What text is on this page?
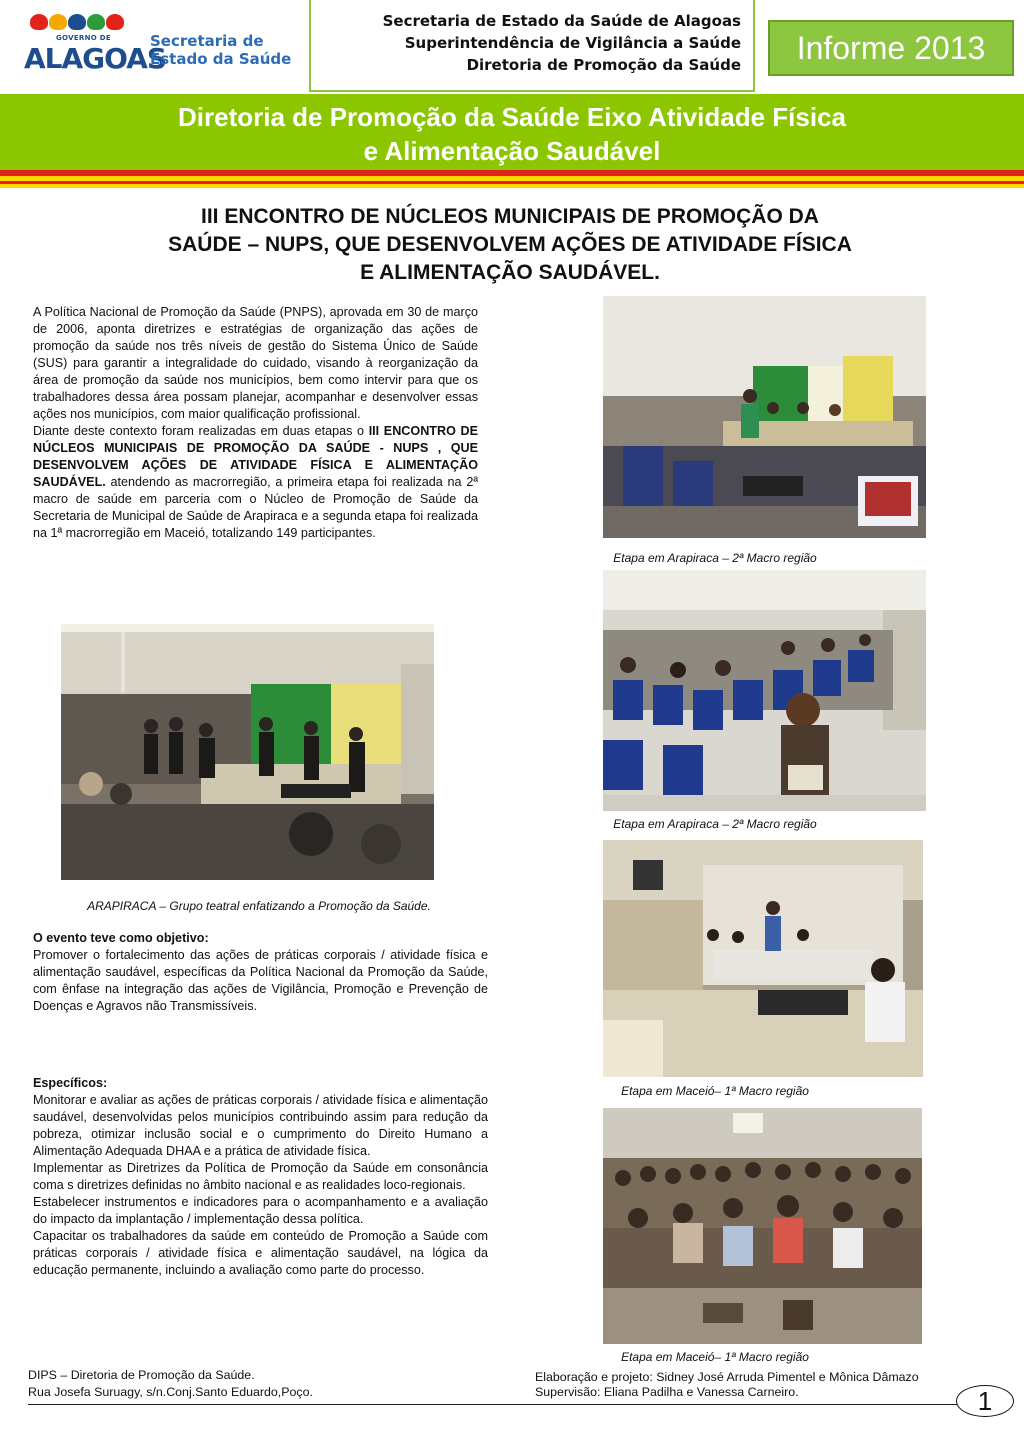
GOVERNO DE
ALAGOAS
Secretaria de
Estado da Saúde
Secretaria de Estado da Saúde de Alagoas
Superintendência de Vigilância a Saúde
Diretoria de Promoção da Saúde	Informe 2013
Diretoria de Promoção da Saúde Eixo Atividade Física
e Alimentação Saudável
III ENCONTRO DE NÚCLEOS MUNICIPAIS DE PROMOÇÃO DA
SAÚDE – NUPS, QUE DESENVOLVEM AÇÕES DE ATIVIDADE FÍSICA
E ALIMENTAÇÃO SAUDÁVEL.

A Política Nacional de Promoção da Saúde (PNPS), aprovada em 30 de março de 2006, aponta diretrizes e estratégias de organização das ações de promoção da saúde nos três níveis de gestão do Sistema Único de Saúde (SUS) para garantir a integralidade do cuidado, visando à reorganização da área de promoção da saúde nos municípios, bem como intervir para que os trabalhadores dessa área possam planejar, acompanhar e desenvolver essas ações nos municípios, com maior qualificação profissional.

Diante deste contexto foram realizadas em duas etapas o III ENCONTRO DE NÚCLEOS MUNICIPAIS DE PROMOÇÃO DA SAÚDE - NUPS , QUE DESENVOLVEM AÇÕES DE ATIVIDADE FÍSICA E ALIMENTAÇÃO SAUDÁVEL. atendendo as macrorregião, a primeira etapa foi realizada na 2ª macro de saúde em parceria com o Núcleo de Promoção de Saúde da Secretaria de Municipal de Saúde de Arapiraca e a segunda etapa foi realizada na 1ª macrorregião em Maceió, totalizando 149 participantes.

ARAPIRACA – Grupo teatral enfatizando a Promoção da Saúde.
Etapa em Arapiraca – 2ª Macro região
Etapa em Arapiraca – 2ª Macro região
Etapa em Maceió– 1ª Macro região
Etapa em Maceió– 1ª Macro região

O evento teve como objetivo:

Promover o fortalecimento das ações de práticas corporais / atividade física e alimentação saudável, específicas da Política Nacional da Promoção da Saúde, com ênfase na integração das ações de Vigilância, Promoção e Prevenção de Doenças e Agravos não Transmissíveis.

Específicos:

Monitorar e avaliar as ações de práticas corporais / atividade física e alimentação saudável, desenvolvidas pelos municípios contribuindo assim para redução da pobreza, otimizar inclusão social e o cumprimento do Direito Humano a Alimentação Adequada DHAA e a prática de atividade física.

Implementar as Diretrizes da Política de Promoção da Saúde em consonância coma s diretrizes definidas no âmbito nacional e as realidades loco-regionais.

Estabelecer instrumentos e indicadores para o acompanhamento e a avaliação do impacto da implantação / implementação dessa política.

Capacitar os trabalhadores da saúde em conteúdo de Promoção a Saúde com práticas corporais / atividade física e alimentação saudável, na lógica da educação permanente, incluindo a avaliação como parte do processo.

DIPS – Diretoria de Promoção da Saúde.
Rua Josefa Suruagy, s/n.Conj.Santo Eduardo,Poço.
Elaboração e projeto: Sidney José Arruda Pimentel e Mônica Dâmazo
Supervisão: Eliana Padilha e Vanessa Carneiro.	1
